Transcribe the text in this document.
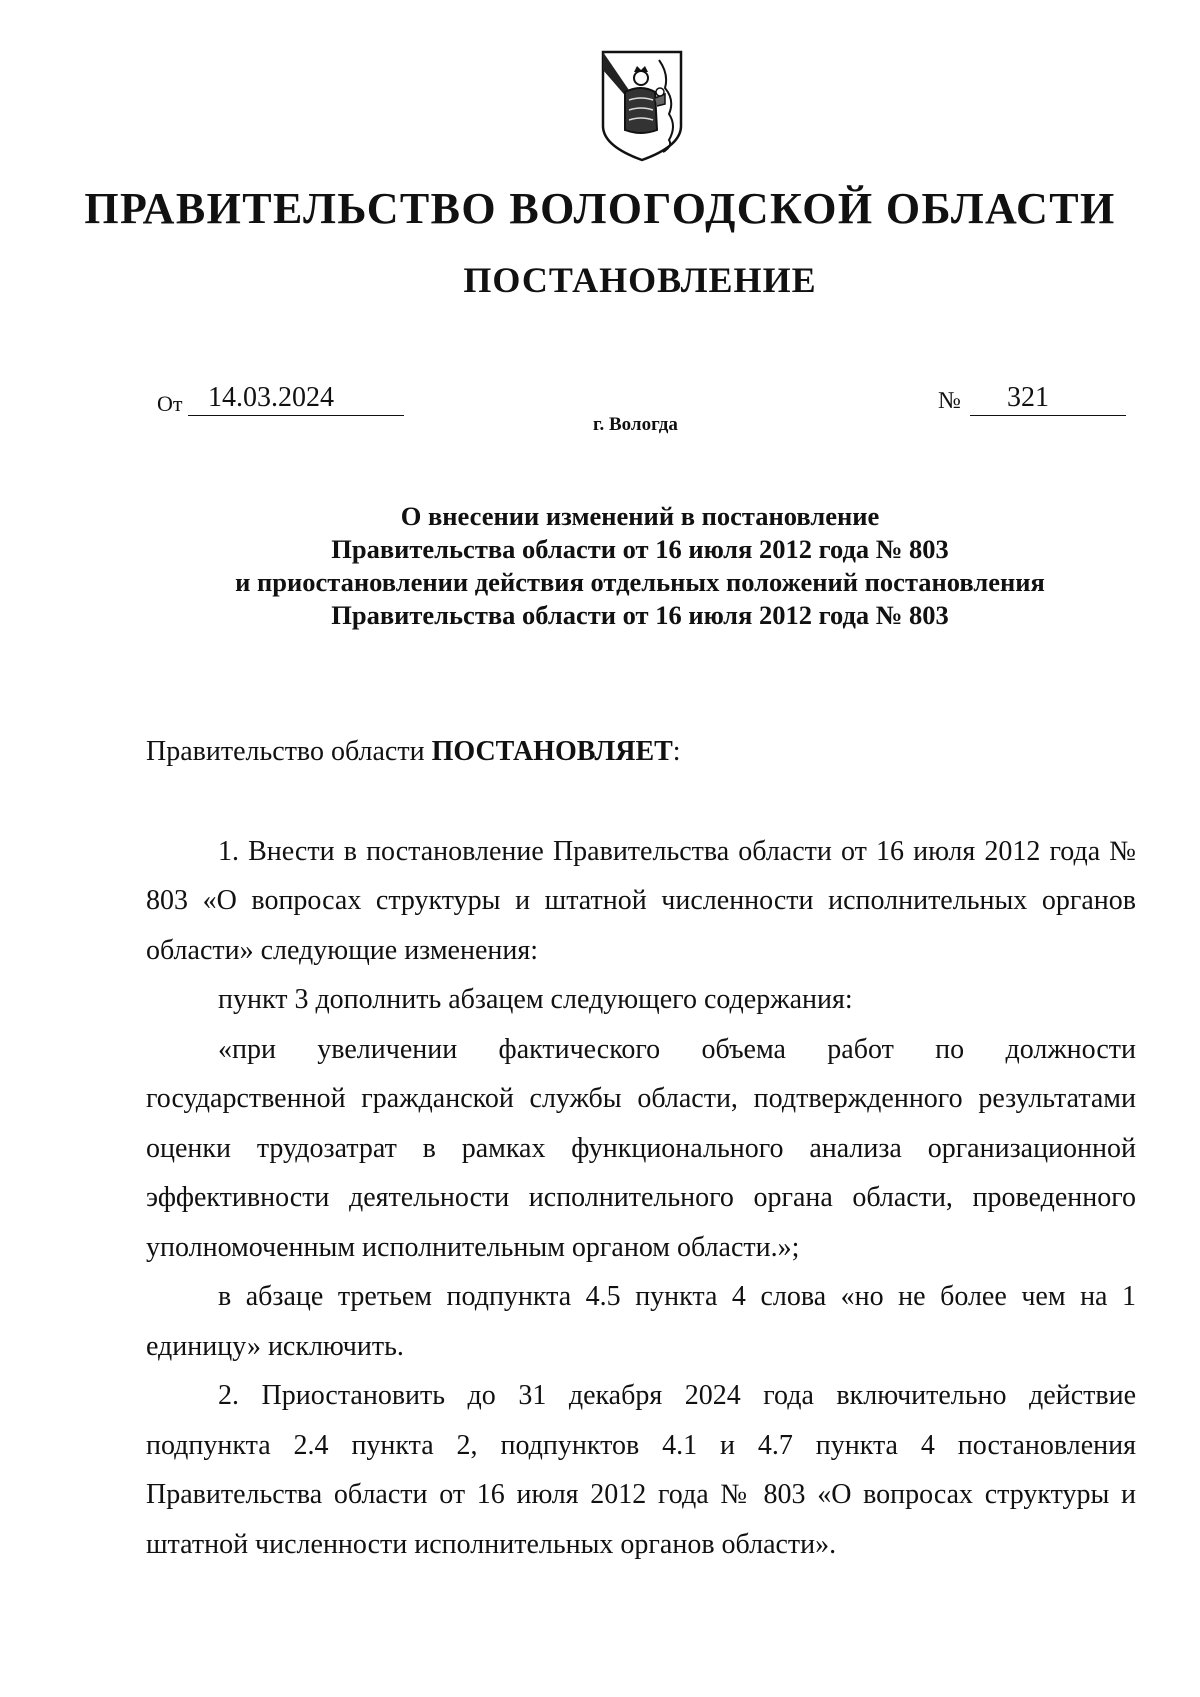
ПРАВИТЕЛЬСТВО ВОЛОГОДСКОЙ ОБЛАСТИ
ПОСТАНОВЛЕНИЕ
От 14.03.2024	№	321
г. Вологда
О внесении изменений в постановление
Правительства области от 16 июля 2012 года № 803
и приостановлении действия отдельных положений постановления
Правительства области от 16 июля 2012 года № 803

Правительство области ПОСТАНОВЛЯЕТ:

1. Внести в постановление Правительства области от 16 июля 2012 года № 803 «О вопросах структуры и штатной численности исполнительных органов области» следующие изменения:

пункт 3 дополнить абзацем следующего содержания:

«при увеличении фактического объема работ по должности государственной гражданской службы области, подтвержденного результатами оценки трудозатрат в рамках функционального анализа организационной эффективности деятельности исполнительного органа области, проведенного уполномоченным исполнительным органом области.»;

в абзаце третьем подпункта 4.5 пункта 4 слова «но не более чем на 1 единицу» исключить.

2. Приостановить до 31 декабря 2024 года включительно действие подпункта 2.4 пункта 2, подпунктов 4.1 и 4.7 пункта 4 постановления Правительства области от 16 июля 2012 года № 803 «О вопросах структуры и штатной численности исполнительных органов области».
